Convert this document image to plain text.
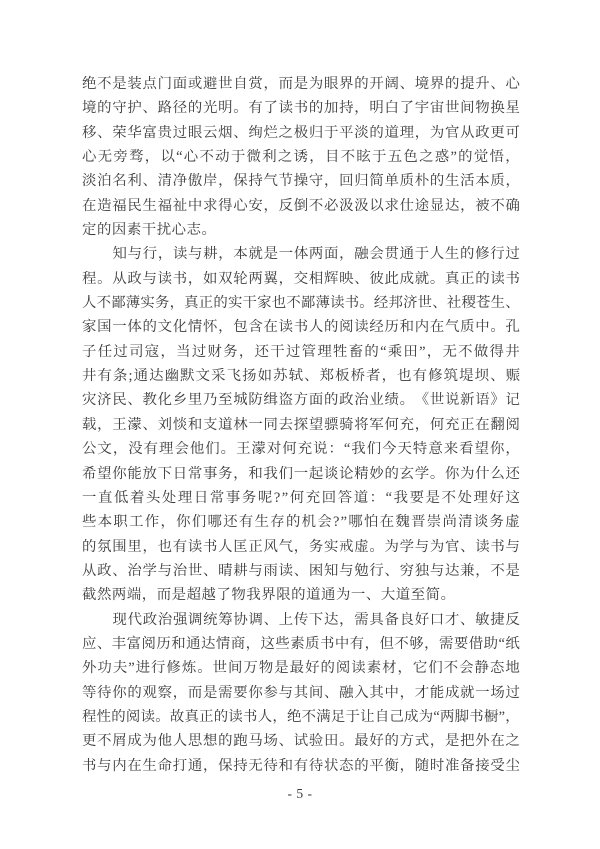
绝 不 是 装 点 门 面 或 避 世 自 赏 ， 而 是 为 眼 界 的 开 阔 、 境 界 的 提 升 、 心
境 的 守 护 、 路 径 的 光 明 。 有 了 读 书 的 加 持 ， 明 白 了 宇 宙 世 间 物 换 星
移 、 荣 华 富 贵 过 眼 云 烟 、 绚 烂 之 极 归 于 平 淡 的 道 理 ， 为 官 从 政 更 可
心 无 旁 骛 ， 以 “ 心 不 动 于 微 利 之 诱 ， 目 不 眩 于 五 色 之 惑 ” 的 觉 悟 ，
淡 泊 名 利 、 清 净 傲 岸 ， 保 持 气 节 操 守 ， 回 归 简 单 质 朴 的 生 活 本 质 ，
在 造 福 民 生 福 祉 中 求 得 心 安 ， 反 倒 不 必 汲 汲 以 求 仕 途 显 达 ， 被 不 确
定的因素干扰心志。
知 与 行 ， 读 与 耕 ， 本 就 是 一 体 两 面 ， 融 会 贯 通 于 人 生 的 修 行 过
程 。 从 政 与 读 书 ， 如 双 轮 两 翼 ， 交 相 辉 映 、 彼 此 成 就 。 真 正 的 读 书
人 不 鄙 薄 实 务 ， 真 正 的 实 干 家 也 不 鄙 薄 读 书 。 经 邦 济 世 、 社 稷 苍 生 、
家 国 一 体 的 文 化 情 怀 ， 包 含 在 读 书 人 的 阅 读 经 历 和 内 在 气 质 中 。 孔
子 任 过 司 寇 ， 当 过 财 务 ， 还 干 过 管 理 牲 畜 的 “ 乘 田 ” ， 无 不 做 得 井
井 有 条 ; 通 达 幽 默 文 采 飞 扬 如 苏 轼 、 郑 板 桥 者 ， 也 有 修 筑 堤 坝 、 赈
灾 济 民 、 教 化 乡 里 乃 至 城 防 缉 盗 方 面 的 政 治 业 绩 。 《 世 说 新 语 》 记
载 ， 王 濛 、 刘 惔 和 支 道 林 一 同 去 探 望 骠 骑 将 军 何 充 ， 何 充 正 在 翻 阅
公 文 ， 没 有 理 会 他 们 。 王 濛 对 何 充 说 ： “ 我 们 今 天 特 意 来 看 望 你 ，
希 望 你 能 放 下 日 常 事 务 ， 和 我 们 一 起 谈 论 精 妙 的 玄 学 。 你 为 什 么 还
一 直 低 着 头 处 理 日 常 事 务 呢 ? ” 何 充 回 答 道 ： “ 我 要 是 不 处 理 好 这
些 本 职 工 作 ， 你 们 哪 还 有 生 存 的 机 会 ? ” 哪 怕 在 魏 晋 崇 尚 清 谈 务 虚
的 氛 围 里 ， 也 有 读 书 人 匡 正 风 气 ， 务 实 戒 虚 。 为 学 与 为 官 、 读 书 与
从 政 、 治 学 与 治 世 、 晴 耕 与 雨 读 、 困 知 与 勉 行 、 穷 独 与 达 兼 ， 不 是
截然两端，而是超越了物我界限的道通为一、大道至简。
现 代 政 治 强 调 统 筹 协 调 、 上 传 下 达 ， 需 具 备 良 好 口 才 、 敏 捷 反
应 、 丰 富 阅 历 和 通 达 情 商 ， 这 些 素 质 书 中 有 ， 但 不 够 ， 需 要 借 助 “ 纸
外 功 夫 ” 进 行 修 炼 。 世 间 万 物 是 最 好 的 阅 读 素 材 ， 它 们 不 会 静 态 地
等 待 你 的 观 察 ， 而 是 需 要 你 参 与 其 间 、 融 入 其 中 ， 才 能 成 就 一 场 过
程 性 的 阅 读 。 故 真 正 的 读 书 人 ， 绝 不 满 足 于 让 自 己 成 为 “ 两 脚 书 橱 ” ，
更 不 屑 成 为 他 人 思 想 的 跑 马 场 、 试 验 田 。 最 好 的 方 式 ， 是 把 外 在 之
书 与 内 在 生 命 打 通 ， 保 持 无 待 和 有 待 状 态 的 平 衡 ， 随 时 准 备 接 受 尘
- 5 -
